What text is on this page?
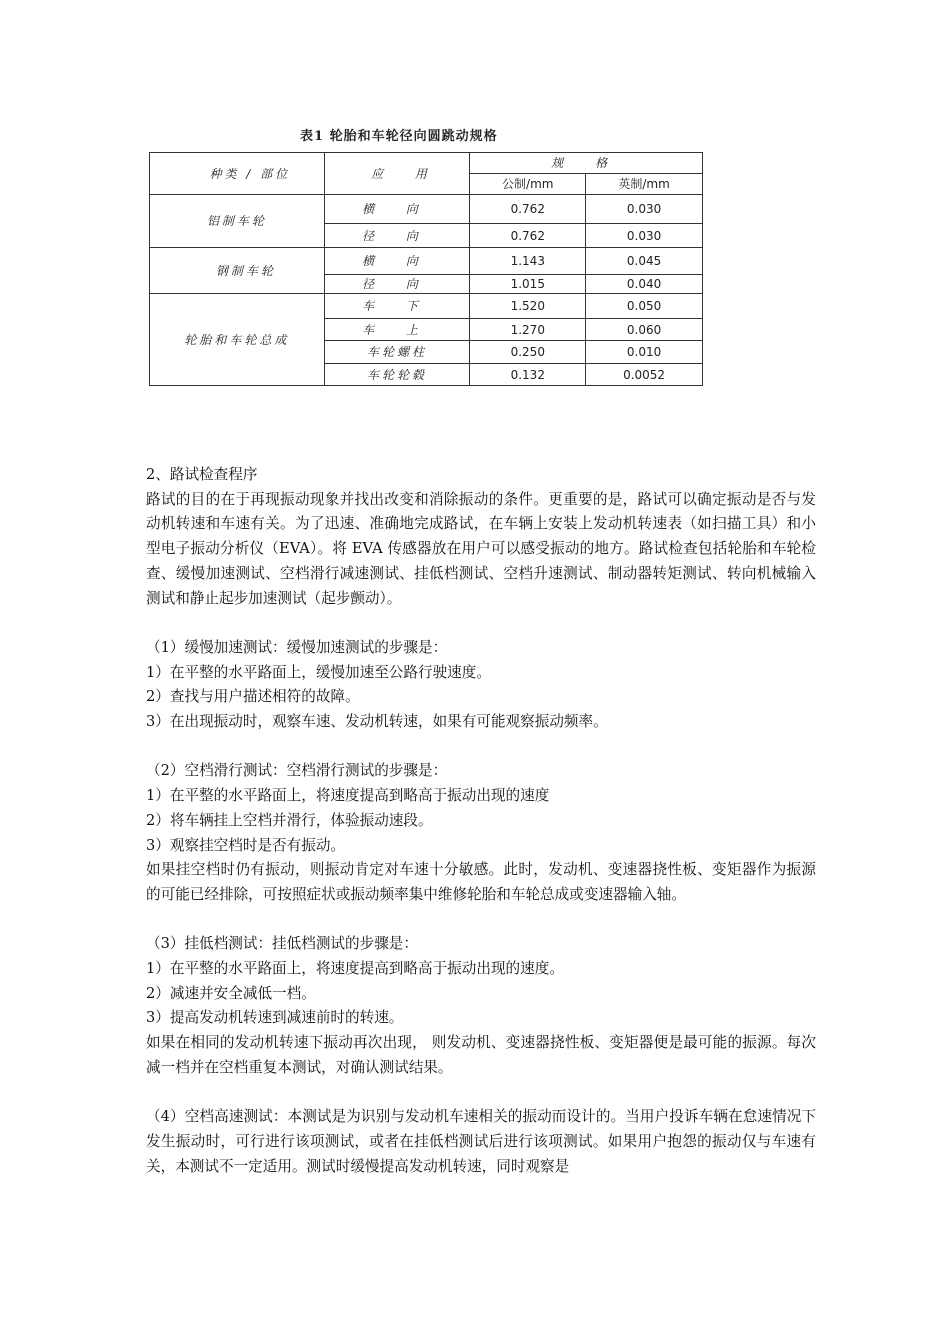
表1 轮胎和车轮径向圆跳动规格
种类 / 部位	应 用	规 格	
		公制/mm	英制/mm
铝制车轮	横 向	0.762	0.030
	径 向	0.762	0.030
钢制车轮	横 向	1.143	0.045
	径 向	1.015	0.040
轮胎和车轮总成	车 下	1.520	0.050
	车 上	1.270	0.060
	车轮螺柱	0.250	0.010
	车轮轮毂	0.132	0.0052

2、路试检查程序

路试的目的在于再现振动现象并找出改变和消除振动的条件。更重要的是，路试可以确定振动是否与发动机转速和车速有关。为了迅速、准确地完成路试，在车辆上安装上发动机转速表（如扫描工具）和小型电子振动分析仪（EVA）。将 EVA 传感器放在用户可以感受振动的地方。路试检查包括轮胎和车轮检查、缓慢加速测试、空档滑行减速测试、挂低档测试、空档升速测试、制动器转矩测试、转向机械输入测试和静止起步加速测试（起步颤动）。

（1）缓慢加速测试：缓慢加速测试的步骤是：

1）在平整的水平路面上，缓慢加速至公路行驶速度。

2）查找与用户描述相符的故障。

3）在出现振动时，观察车速、发动机转速，如果有可能观察振动频率。

（2）空档滑行测试：空档滑行测试的步骤是：

1）在平整的水平路面上，将速度提高到略高于振动出现的速度

2）将车辆挂上空档并滑行，体验振动速段。

3）观察挂空档时是否有振动。

如果挂空档时仍有振动，则振动肯定对车速十分敏感。此时，发动机、变速器挠性板、变矩器作为振源的可能已经排除，可按照症状或振动频率集中维修轮胎和车轮总成或变速器输入轴。

（3）挂低档测试：挂低档测试的步骤是：

1）在平整的水平路面上，将速度提高到略高于振动出现的速度。

2）减速并安全减低一档。

3）提高发动机转速到减速前时的转速。

如果在相同的发动机转速下振动再次出现， 则发动机、变速器挠性板、变矩器便是最可能的振源。每次减一档并在空档重复本测试，对确认测试结果。

（4）空档高速测试：本测试是为识别与发动机车速相关的振动而设计的。当用户投诉车辆在怠速情况下发生振动时，可行进行该项测试，或者在挂低档测试后进行该项测试。如果用户抱怨的振动仅与车速有关，本测试不一定适用。测试时缓慢提高发动机转速，同时观察是
